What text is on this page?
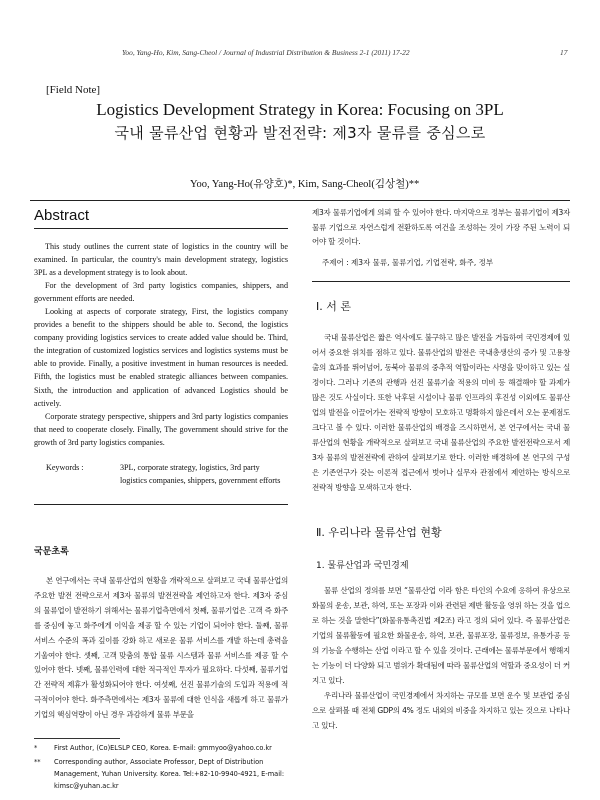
Yoo, Yang-Ho, Kim, Sang-Cheol / Journal of Industrial Distribution & Business 2-1 (2011) 17-22	17
[Field Note]
Logistics Development Strategy in Korea: Focusing on 3PL
국내 물류산업 현황과 발전전략: 제3자 물류를 중심으로
Yoo, Yang-Ho(유양호)*, Kim, Sang-Cheol(김상철)**
Abstract

This study outlines the current state of logistics in the country will be examined. In particular, the country's main development strategy, logistics 3PL as a development strategy is to look about.

For the development of 3rd party logistics companies, shippers, and government efforts are needed.

Looking at aspects of corporate strategy, First, the logistics company provides a benefit to the shippers should be able to. Second, the logistics company providing logistics services to create added value should be. Third, the integration of customized logistics services and logistics systems must be able to provide. Finally, a positive investment in human resources is needed. Fifth, the logistics must be enabled strategic alliances between companies. Sixth, the introduction and application of advanced Logistics should be actively.

Corporate strategy perspective, shippers and 3rd party logistics companies that need to cooperate closely. Finally, The government should strive for the growth of 3rd party logistics companies.

Keywords :	3PL, corporate strategy, logistics, 3rd party logistics companies, shippers, government efforts
국문초록

본 연구에서는 국내 물류산업의 현황을 개략적으로 살펴보고 국내 물류산업의 주요한 발전 전략으로서 제3자 물류의 발전전략을 제언하고자 한다. 제3자 중심의 물류업이 발전하기 위해서는 물류기업측면에서 첫째, 물류기업은 고객 즉 화주를 중심에 놓고 화주에게 이익을 제공 할 수 있는 기업이 되어야 한다. 둘째, 물류 서비스 수준의 폭과 깊이를 강화 하고 새로운 물류 서비스를 개발 하는데 총력을 기울여야 한다. 셋째, 고객 맞춤의 통합 물류 시스템과 물류 서비스를 제공 할 수 있어야 한다. 넷째, 물류인력에 대한 적극적인 투자가 필요하다. 다섯째, 물류기업간 전략적 제휴가 활성화되어야 한다. 여섯째, 선진 물류기술의 도입과 적용에 적극적이어야 한다. 화주측면에서는 제3자 물류에 대한 인식을 새롭게 하고 물류가 기업의 핵심역량이 아닌 경우 과감하게 물류 부문을

*	First Author, (Co)ELSLP CEO, Korea. E-mail: gmmyoo@yahoo.co.kr
** Corresponding author, Associate Professor, Dept of Distribution Management, Yuhan University. Korea. Tel:+82-10-9940-4921, E-mail: kimsc@yuhan.ac.kr
제3자 물류기업에게 의뢰 할 수 있어야 한다. 마지막으로 정부는 물류기업이 제3자 물류 기업으로 자연스럽게 전환하도록 여건을 조성하는 것이 가장 주된 노력이 되어야 할 것이다.
주제어 : 제3자 물류, 물류기업, 기업전략, 화주, 정부
Ⅰ. 서 론

국내 물류산업은 짧은 역사에도 불구하고 많은 발전을 거듭하여 국민경제에 있어서 중요한 위치를 점하고 있다. 물류산업의 발전은 국내총생산의 증가 및 고용창출의 효과를 뛰어넘어, 동북아 물류의 중추적 역할이라는 사명을 맞이하고 있는 실정이다. 그러나 기존의 관행과 선진 물류기술 적용의 미비 등 해결해야 할 과제가 많은 것도 사실이다. 또한 낙후된 시설이나 물류 인프라의 후진성 이외에도 물류산업의 발전을 이끌어가는 전략적 방향이 모호하고 명확하지 않은데서 오는 문제점도 크다고 볼 수 있다. 이러한 물류산업의 배경을 즈시하면서, 본 연구에서는 국내 물류산업의 현황을 개략적으로 살펴보고 국내 물류산업의 주요한 발전전략으로서 제3자 물류의 발전전략에 관하여 살펴보기로 한다. 이러한 배경하에 본 연구의 구성은 기존연구가 갖는 이론적 접근에서 벗어나 실무자 관점에서 제언하는 방식으로 전략적 방향을 모색하고자 한다.

Ⅱ. 우리나라 물류산업 현황
1. 물류산업과 국민경제

물류 산업의 정의를 보면 “물류산업 이라 함은 타인의 수요에 응하여 유상으로 화물의 운송, 보관, 하역, 또는 포장과 이와 관련된 제반 활동을 영위 하는 것을 업으로 하는 것을 말한다”(화물유통촉진법 제2조) 라고 정의 되어 있다. 즉 물류산업은 기업의 물류활동에 필요한 화물운송, 하역, 보관, 물류포장, 물류정보, 유통가공 등의 기능을 수행하는 산업 이라고 할 수 있을 것이다. 근래에는 물류부문에서 행해지는 기능이 더 다양화 되고 범위가 확대됨에 따라 물류산업의 역할과 중요성이 더 커지고 있다.

우리나라 물류산업이 국민경제에서 차지하는 규모를 보면 운수 및 보관업 중심으로 살펴볼 때 전체 GDP의 4% 정도 내외의 비중을 차지하고 있는 것으로 나타나고 있다.
